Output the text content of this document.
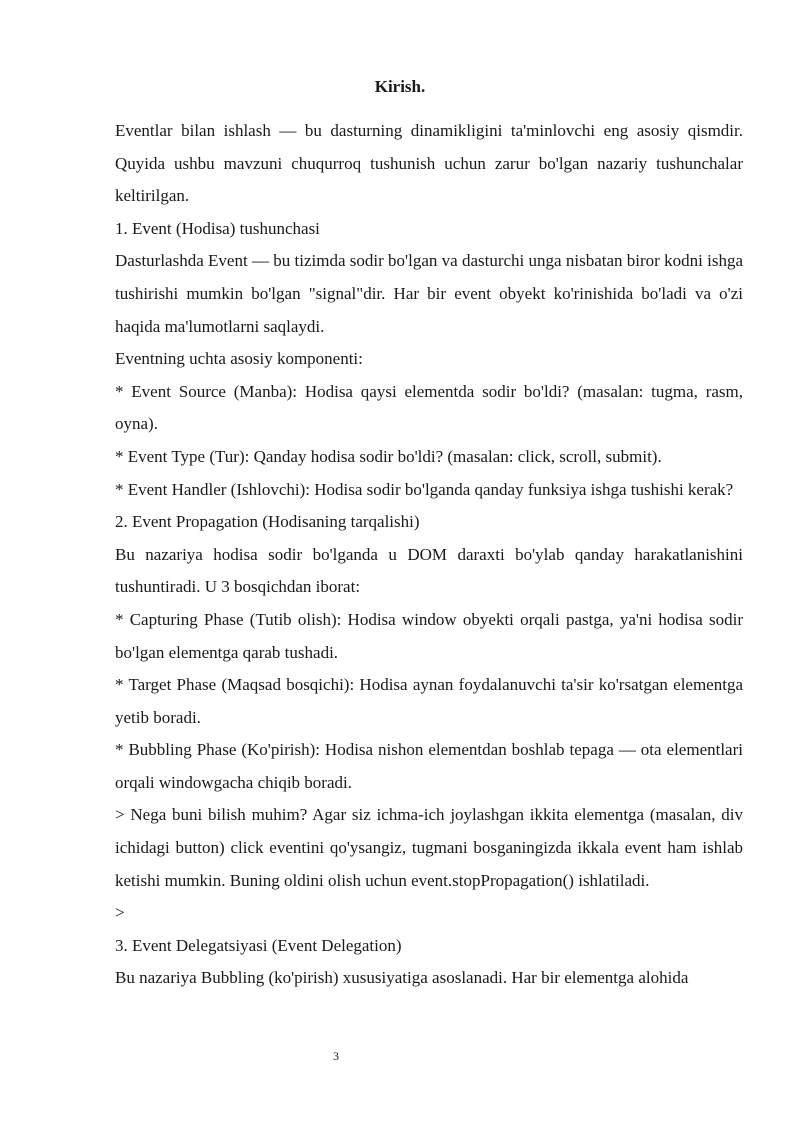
Kirish.

Eventlar bilan ishlash — bu dasturning dinamikligini ta'minlovchi eng asosiy qismdir. Quyida ushbu mavzuni chuqurroq tushunish uchun zarur bo'lgan nazariy tushunchalar keltirilgan.

1. Event (Hodisa) tushunchasi

Dasturlashda Event — bu tizimda sodir bo'lgan va dasturchi unga nisbatan biror kodni ishga tushirishi mumkin bo'lgan "signal"dir. Har bir event obyekt ko'rinishida bo'ladi va o'zi haqida ma'lumotlarni saqlaydi.

Eventning uchta asosiy komponenti:

* Event Source (Manba): Hodisa qaysi elementda sodir bo'ldi? (masalan: tugma, rasm, oyna).

* Event Type (Tur): Qanday hodisa sodir bo'ldi? (masalan: click, scroll, submit).

* Event Handler (Ishlovchi): Hodisa sodir bo'lganda qanday funksiya ishga tushishi kerak?

2. Event Propagation (Hodisaning tarqalishi)

Bu nazariya hodisa sodir bo'lganda u DOM daraxti bo'ylab qanday harakatlanishini tushuntiradi. U 3 bosqichdan iborat:

* Capturing Phase (Tutib olish): Hodisa window obyekti orqali pastga, ya'ni hodisa sodir bo'lgan elementga qarab tushadi.

* Target Phase (Maqsad bosqichi): Hodisa aynan foydalanuvchi ta'sir ko'rsatgan elementga yetib boradi.

* Bubbling Phase (Ko'pirish): Hodisa nishon elementdan boshlab tepaga — ota elementlari orqali windowgacha chiqib boradi.

> Nega buni bilish muhim? Agar siz ichma-ich joylashgan ikkita elementga (masalan, div ichidagi button) click eventini qo'ysangiz, tugmani bosganingizda ikkala event ham ishlab ketishi mumkin. Buning oldini olish uchun event.stopPropagation() ishlatiladi.

>

3. Event Delegatsiyasi (Event Delegation)

Bu nazariya Bubbling (ko'pirish) xususiyatiga asoslanadi. Har bir elementga alohida

3
